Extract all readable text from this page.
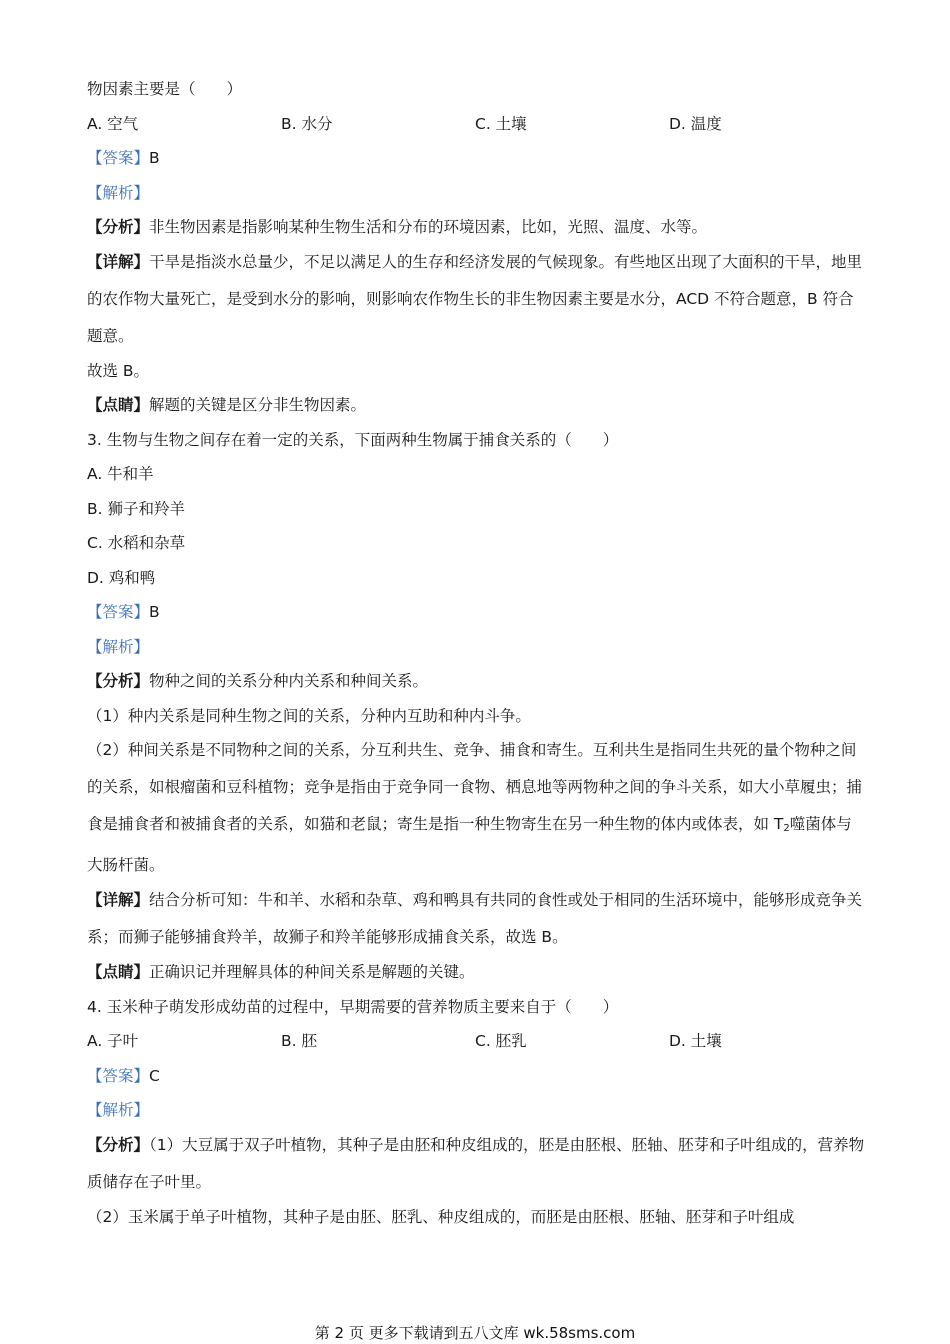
物因素主要是（　　）
A. 空气	B. 水分	C. 土壤	D. 温度
【答案】B
【解析】
【分析】非生物因素是指影响某种生物生活和分布的环境因素，比如，光照、温度、水等。
【详解】干旱是指淡水总量少，不足以满足人的生存和经济发展的气候现象。有些地区出现了大面积的干旱，地里的农作物大量死亡，是受到水分的影响，则影响农作物生长的非生物因素主要是水分，ACD 不符合题意，B 符合题意。
故选 B。
【点睛】解题的关键是区分非生物因素。
3. 生物与生物之间存在着一定的关系，下面两种生物属于捕食关系的（　　）
A. 牛和羊
B. 狮子和羚羊
C. 水稻和杂草
D. 鸡和鸭
【答案】B
【解析】
【分析】物种之间的关系分种内关系和种间关系。
（1）种内关系是同种生物之间的关系，分种内互助和种内斗争。
（2）种间关系是不同物种之间的关系，分互利共生、竞争、捕食和寄生。互利共生是指同生共死的量个物种之间的关系，如根瘤菌和豆科植物；竞争是指由于竞争同一食物、栖息地等两物种之间的争斗关系，如大小草履虫；捕食是捕食者和被捕食者的关系，如猫和老鼠；寄生是指一种生物寄生在另一种生物的体内或体表，如 $T_2$噬菌体与大肠杆菌。
【详解】结合分析可知：牛和羊、水稻和杂草、鸡和鸭具有共同的食性或处于相同的生活环境中，能够形成竞争关系；而狮子能够捕食羚羊，故狮子和羚羊能够形成捕食关系，故选 B。
【点睛】正确识记并理解具体的种间关系是解题的关键。
4. 玉米种子萌发形成幼苗的过程中，早期需要的营养物质主要来自于（　　）
A. 子叶	B. 胚	C. 胚乳	D. 土壤
【答案】C
【解析】
【分析】（1）大豆属于双子叶植物，其种子是由胚和种皮组成的，胚是由胚根、胚轴、胚芽和子叶组成的，营养物质储存在子叶里。
（2）玉米属于单子叶植物，其种子是由胚、胚乳、种皮组成的，而胚是由胚根、胚轴、胚芽和子叶组成
第 2 页 更多下载请到五八文库 wk.58sms.com
